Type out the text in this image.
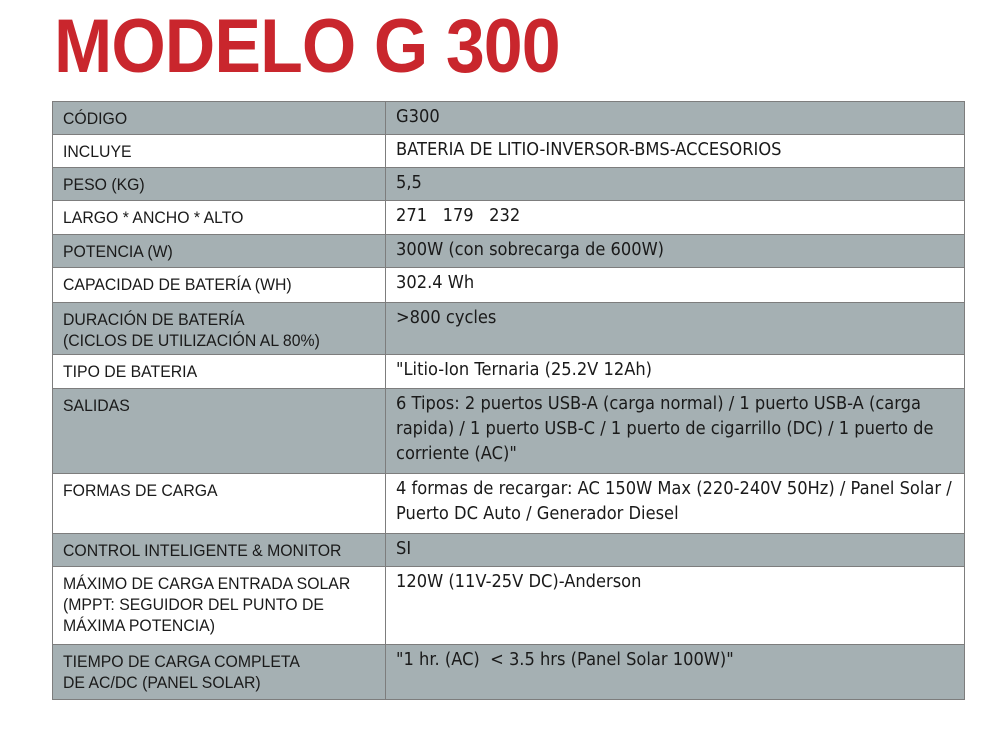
MODELO G 300
CÓDIGO	G300

INCLUYE	BATERIA DE LITIO-INVERSOR-BMS-ACCESORIOS

PESO (KG)	5,5

LARGO * ANCHO * ALTO	271   179   232

POTENCIA (W)	300W (con sobrecarga de 600W)

CAPACIDAD DE BATERÍA (WH)	302.4 Wh

DURACIÓN DE BATERÍA
(CICLOS DE UTILIZACIÓN AL 80%)	>800 cycles

TIPO DE BATERIA	"Litio-Ion Ternaria (25.2V 12Ah)

SALIDAS	6 Tipos: 2 puertos USB-A (carga normal) / 1 puerto USB-A (carga rapida) / 1 puerto USB-C / 1 puerto de cigarrillo (DC) / 1 puerto de corriente (AC)"

FORMAS DE CARGA	4 formas de recargar: AC 150W Max (220-240V 50Hz) / Panel Solar / Puerto DC Auto / Generador Diesel

CONTROL INTELIGENTE & MONITOR	SI

MÁXIMO DE CARGA ENTRADA SOLAR
(MPPT: SEGUIDOR DEL PUNTO DE
MÁXIMA POTENCIA)	120W (11V-25V DC)-Anderson

TIEMPO DE CARGA COMPLETA
DE AC/DC (PANEL SOLAR)	"1 hr. (AC)  < 3.5 hrs (Panel Solar 100W)"
